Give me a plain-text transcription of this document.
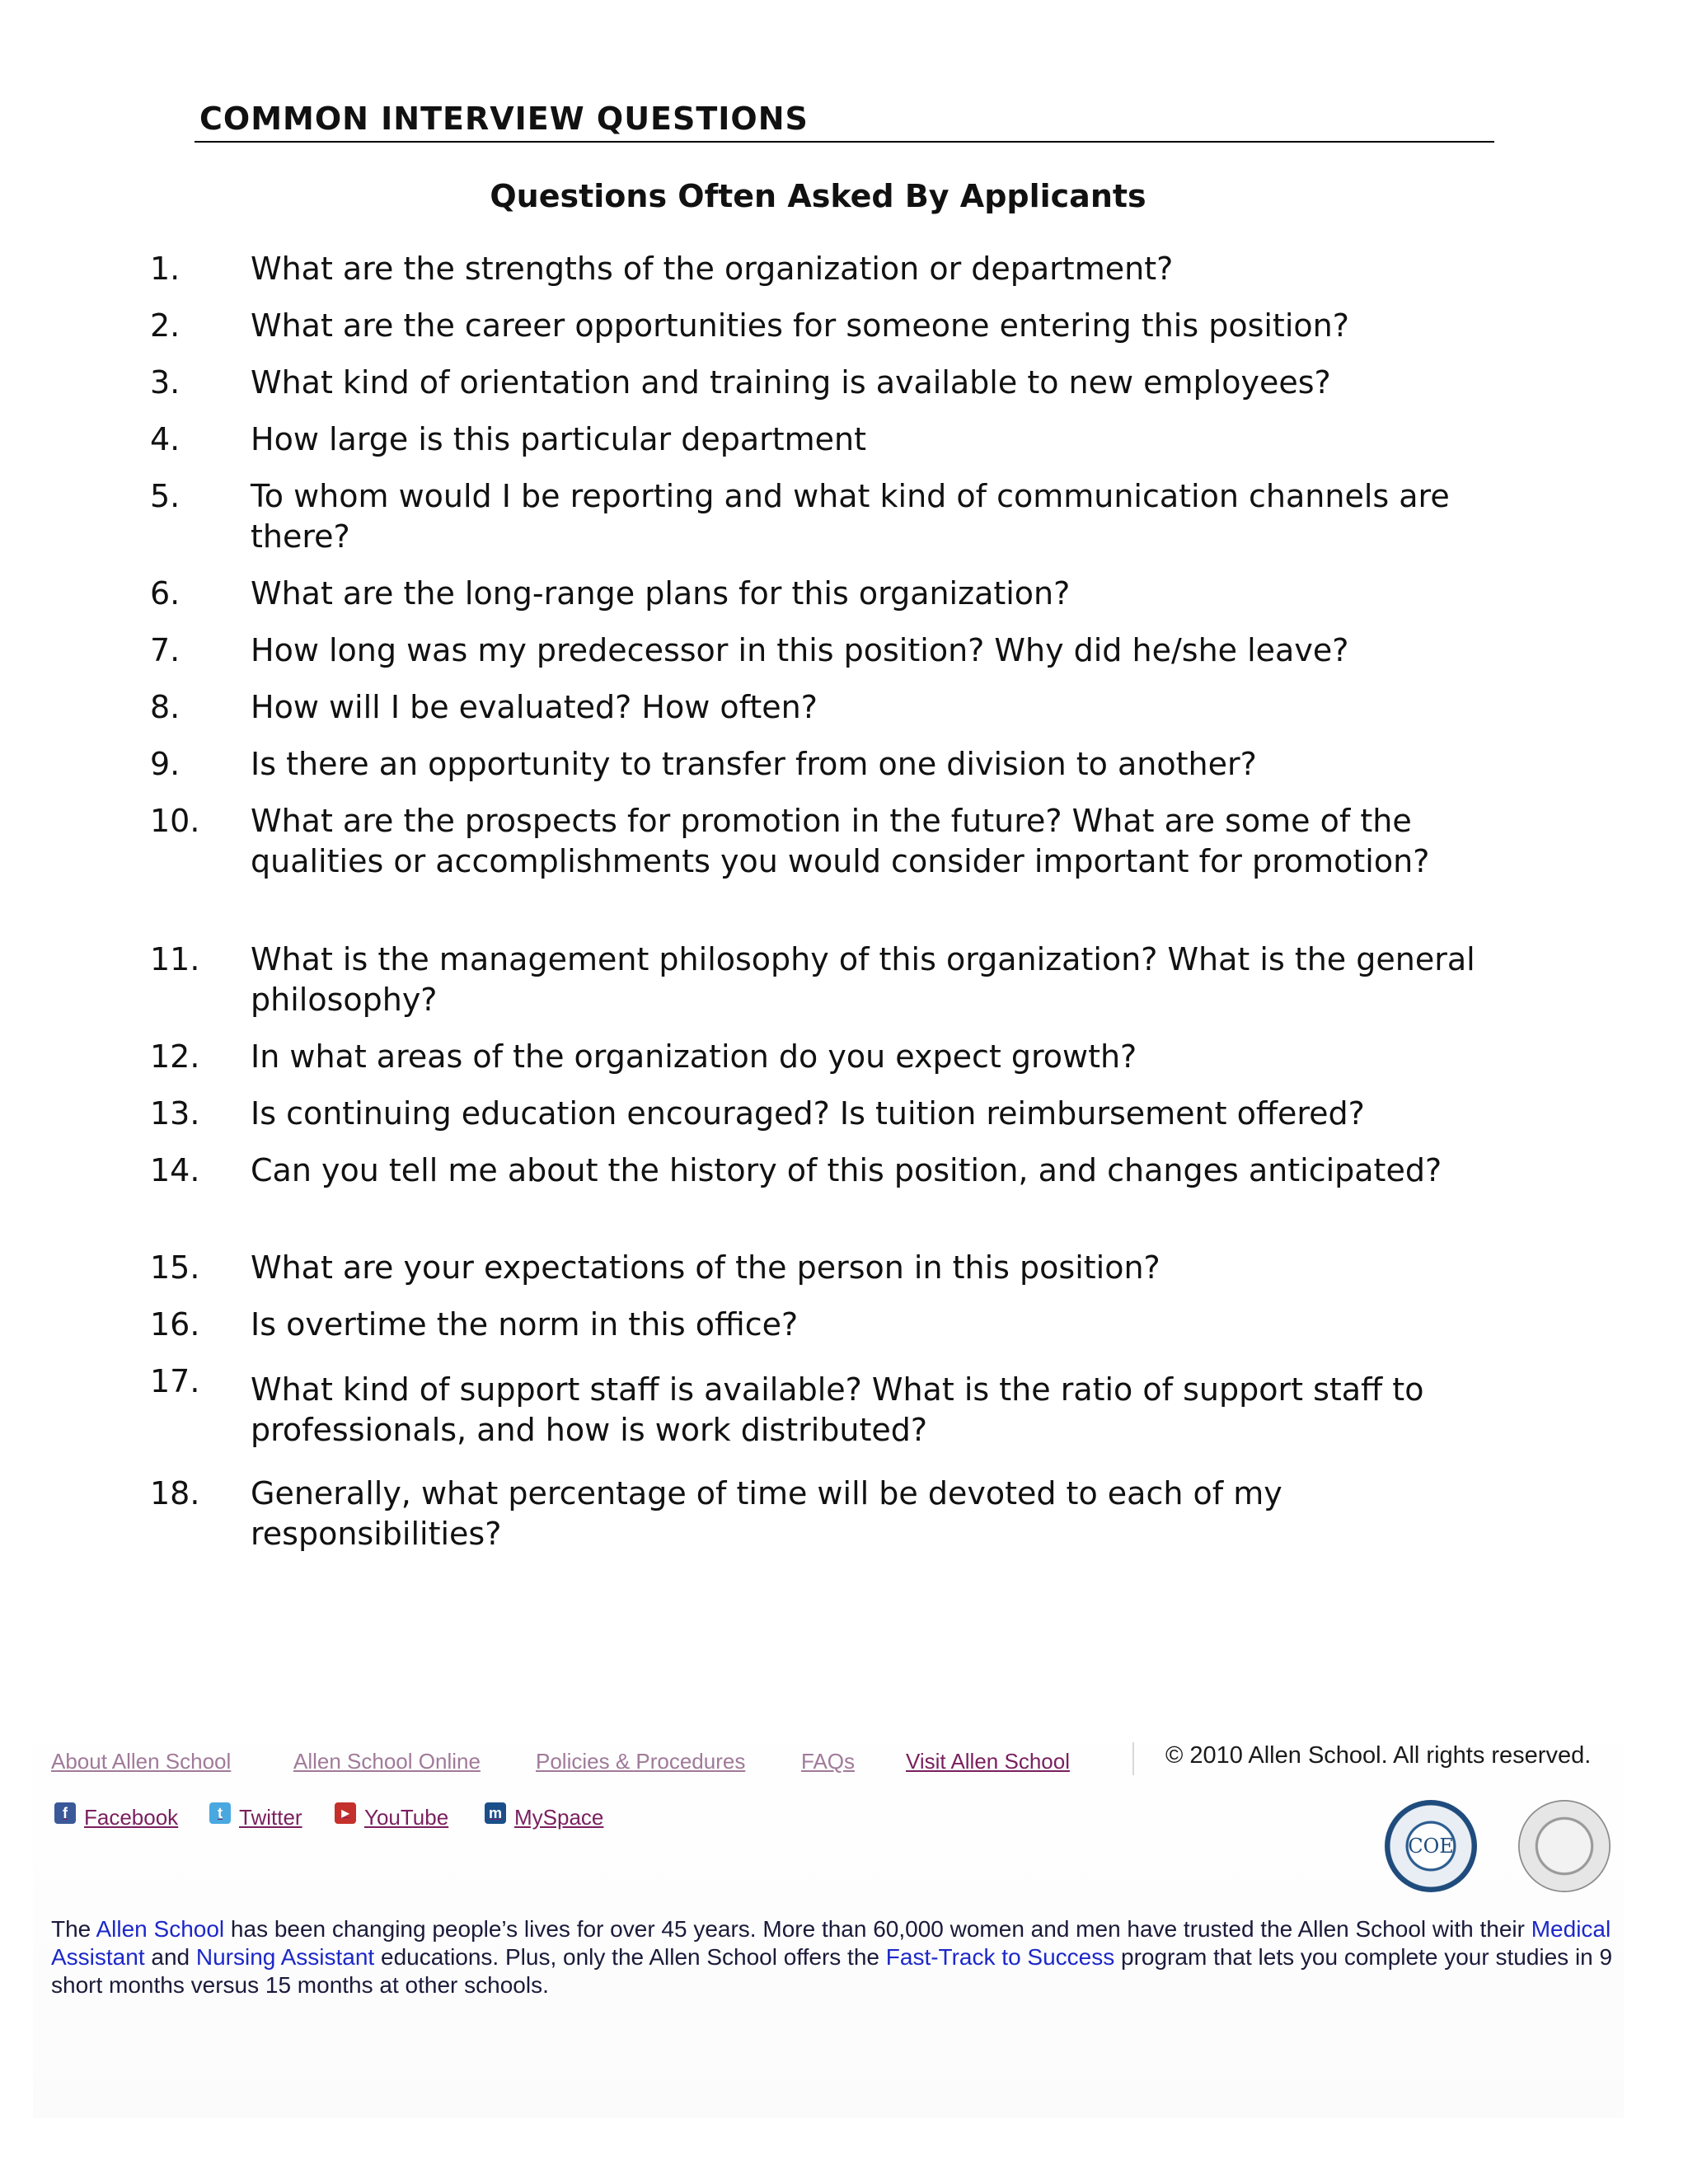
COMMON INTERVIEW QUESTIONS
Questions Often Asked By Applicants
1. What are the strengths of the organization or department?
2. What are the career opportunities for someone entering this position?
3. What kind of orientation and training is available to new employees?
4. How large is this particular department
5. To whom would I be reporting and what kind of communication channels are there?
6. What are the long-range plans for this organization?
7. How long was my predecessor in this position? Why did he/she leave?
8. How will I be evaluated? How often?
9. Is there an opportunity to transfer from one division to another?
10. What are the prospects for promotion in the future? What are some of the qualities or accomplishments you would consider important for promotion?
11. What is the management philosophy of this organization? What is the general philosophy?
12. In what areas of the organization do you expect growth?
13. Is continuing education encouraged? Is tuition reimbursement offered?
14. Can you tell me about the history of this position, and changes anticipated?
15. What are your expectations of the person in this position?
16. Is overtime the norm in this office?
17. What kind of support staff is available? What is the ratio of support staff to professionals, and how is work distributed?
18. Generally, what percentage of time will be devoted to each of my responsibilities?
About Allen School	Allen School Online	Policies & Procedures	FAQs Visit Allen School	© 2010 Allen School. All rights reserved.
f Facebook	t Twitter	▶ YouTube	m MySpace
COE
The Allen School has been changing people’s lives for over 45 years. More than 60,000 women and men have trusted the Allen School with their Medical Assistant and Nursing Assistant educations. Plus, only the Allen School offers the Fast-Track to Success program that lets you complete your studies in 9 short months versus 15 months at other schools.
